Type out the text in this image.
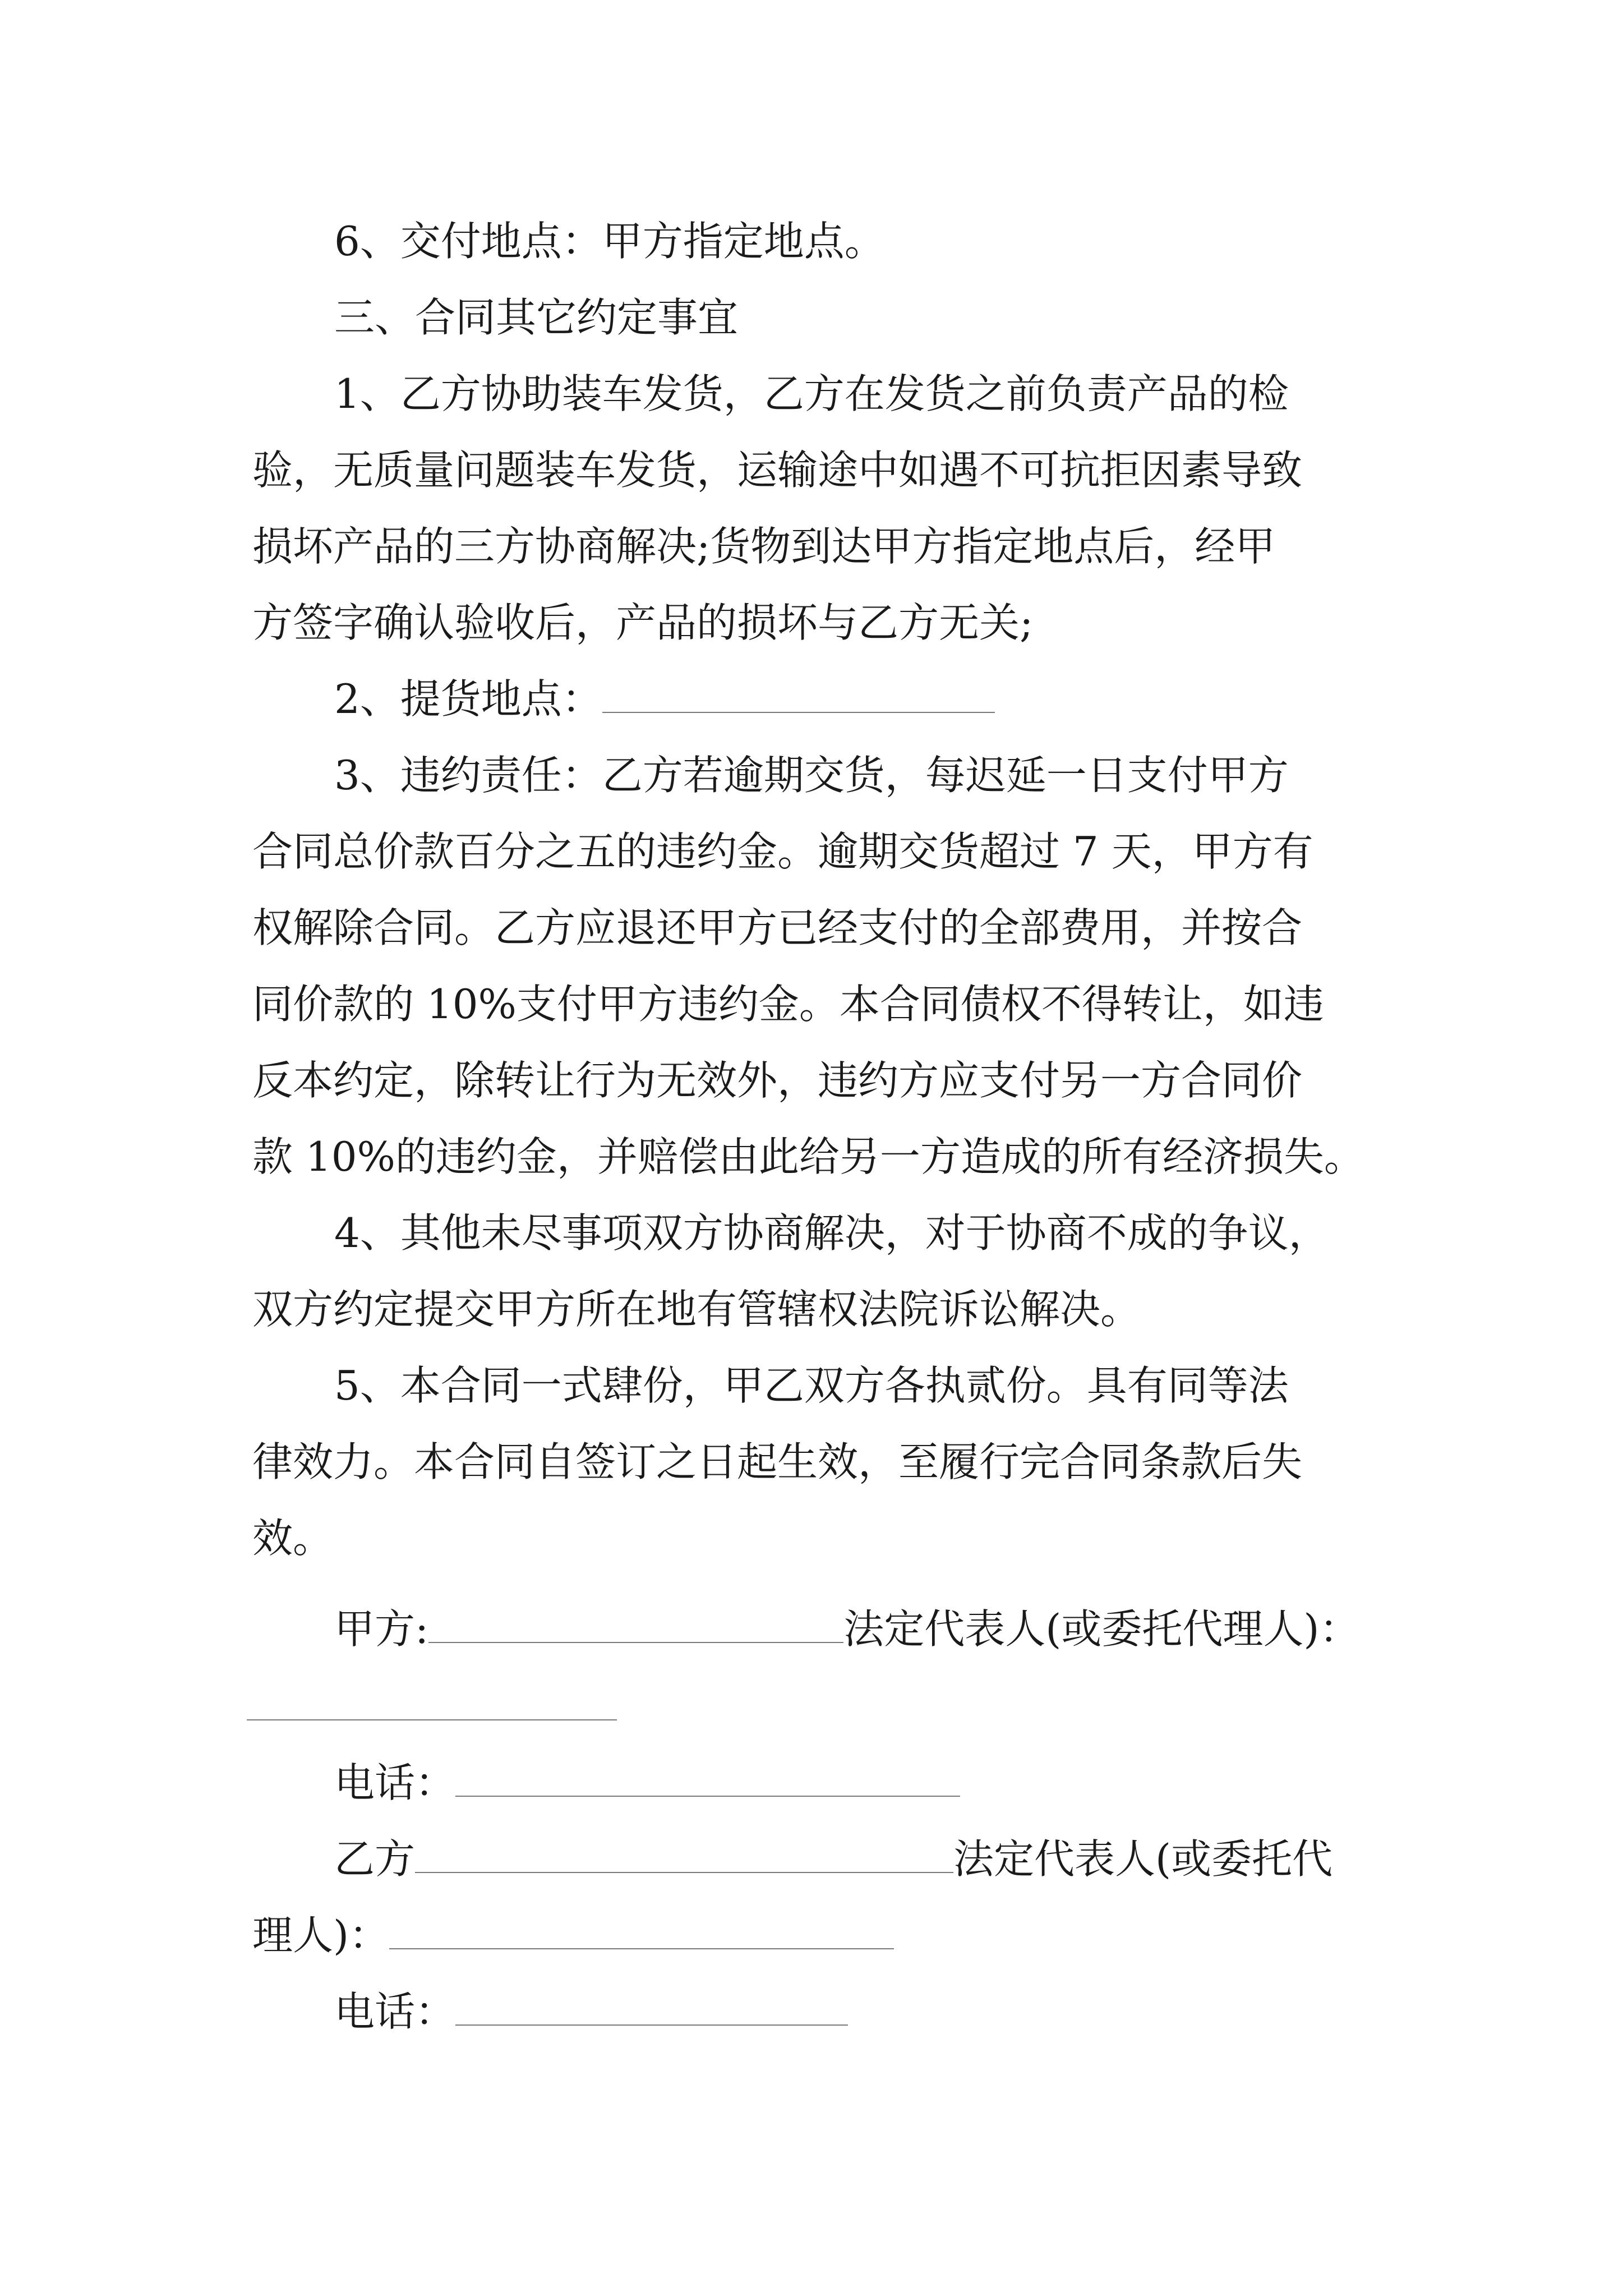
6、交付地点：甲方指定地点。
三、合同其它约定事宜
1、乙方协助装车发货，乙方在发货之前负责产品的检
验，无质量问题装车发货，运输途中如遇不可抗拒因素导致
损坏产品的三方协商解决;货物到达甲方指定地点后，经甲
方签字确认验收后，产品的损坏与乙方无关;
2、提货地点：
3、违约责任：乙方若逾期交货，每迟延一日支付甲方
合同总价款百分之五的违约金。逾期交货超过 7 天，甲方有
权解除合同。乙方应退还甲方已经支付的全部费用，并按合
同价款的 10%支付甲方违约金。本合同债权不得转让，如违
反本约定，除转让行为无效外，违约方应支付另一方合同价
款 10%的违约金，并赔偿由此给另一方造成的所有经济损失。
4、其他未尽事项双方协商解决，对于协商不成的争议，
双方约定提交甲方所在地有管辖权法院诉讼解决。
5、本合同一式肆份，甲乙双方各执贰份。具有同等法
律效力。本合同自签订之日起生效，至履行完合同条款后失
效。
甲方:	法定代表人(或委托代理人)：
电话：
乙方	法定代表人(或委托代
理人)：
电话：
